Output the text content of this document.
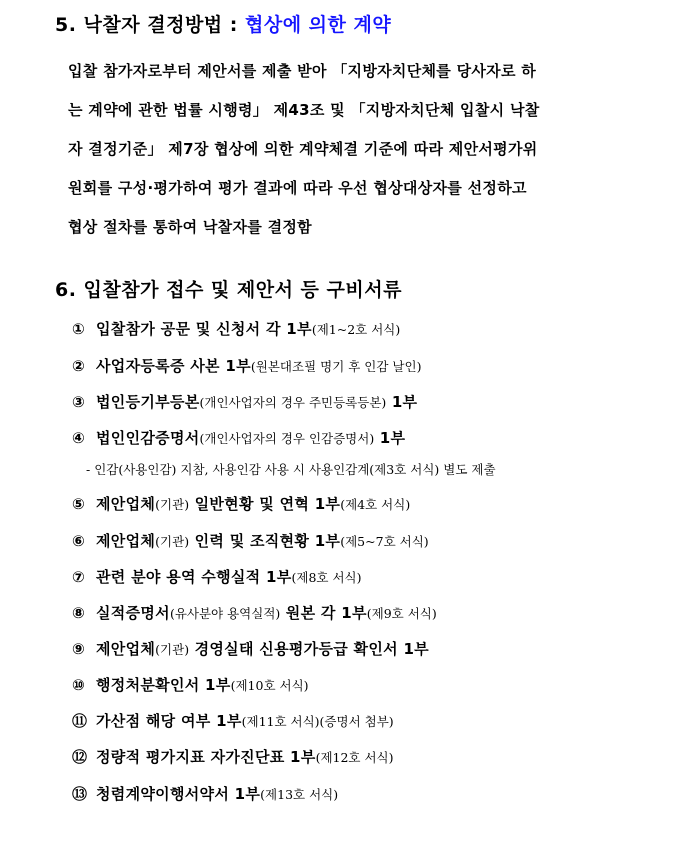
5. 낙찰자 결정방법 : 협상에 의한 계약
입찰 참가자로부터 제안서를 제출 받아 「지방자치단체를 당사자로 하
는 계약에 관한 법률 시행령」 제43조 및 「지방자치단체 입찰시 낙찰
자 결정기준」 제7장 협상에 의한 계약체결 기준에 따라 제안서평가위
원회를 구성·평가하여 평가 결과에 따라 우선 협상대상자를 선정하고
협상 절차를 통하여 낙찰자를 결정함
6. 입찰참가 접수 및 제안서 등 구비서류
① 입찰참가 공문 및 신청서 각 1부(제1~2호 서식)
② 사업자등록증 사본 1부(원본대조필 명기 후 인감 날인)
③ 법인등기부등본(개인사업자의 경우 주민등록등본) 1부
④ 법인인감증명서(개인사업자의 경우 인감증명서) 1부
⑤ 제안업체(기관) 일반현황 및 연혁 1부(제4호 서식)
⑥ 제안업체(기관) 인력 및 조직현황 1부(제5~7호 서식)
⑦ 관련 분야 용역 수행실적 1부(제8호 서식)
⑧ 실적증명서(유사분야 용역실적) 원본 각 1부(제9호 서식)
⑨ 제안업체(기관) 경영실태 신용평가등급 확인서 1부
⑩ 행정처분확인서 1부(제10호 서식)
⑪ 가산점 해당 여부 1부(제11호 서식)(증명서 첨부)
⑫ 정량적 평가지표 자가진단표 1부(제12호 서식)
⑬ 청렴계약이행서약서 1부(제13호 서식)
- 인감(사용인감) 지참, 사용인감 사용 시 사용인감계(제3호 서식) 별도 제출
